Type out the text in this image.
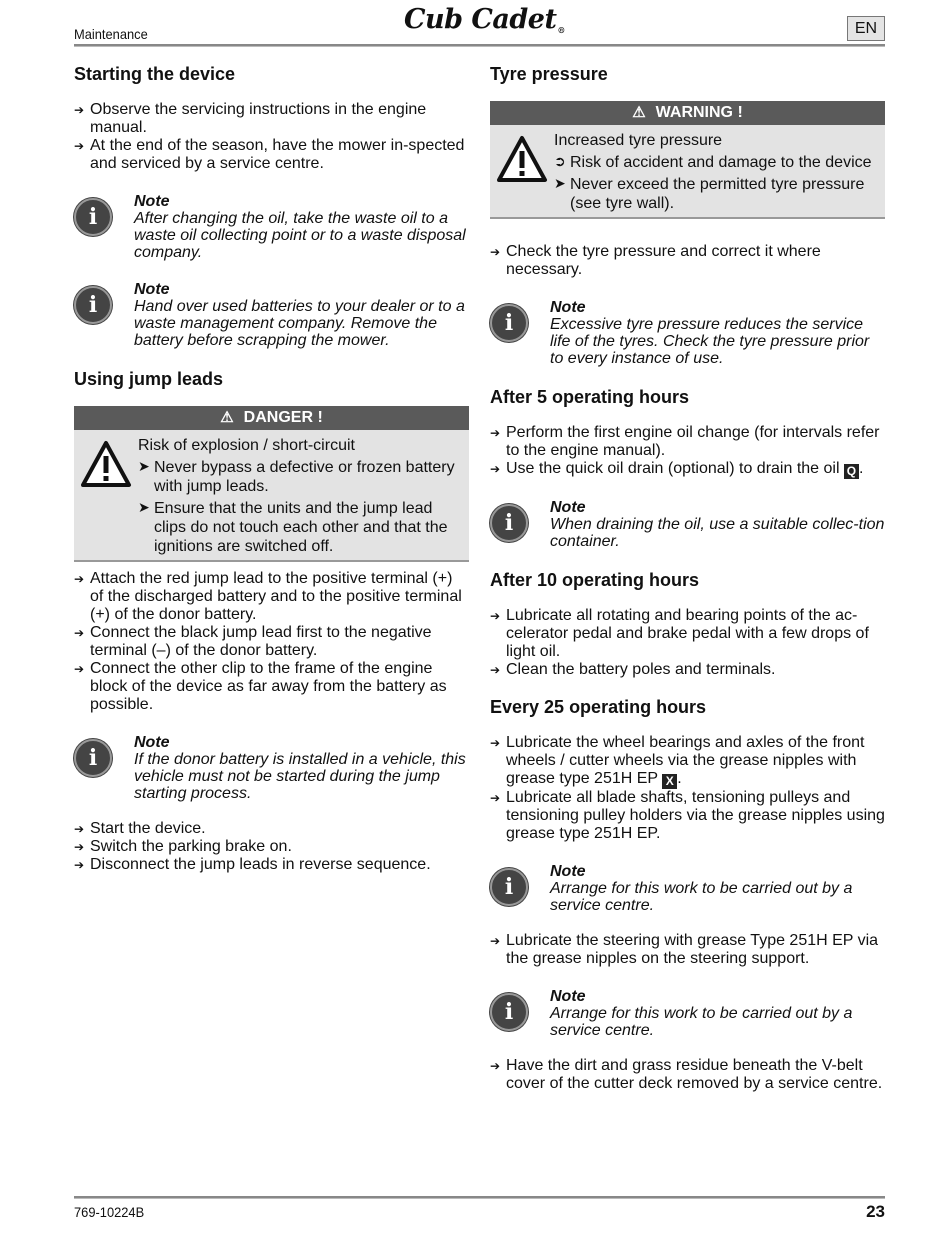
Maintenance	Cub Cadet®	EN
Starting the device
➔ Observe the servicing instructions in the engine manual.
➔ At the end of the season, have the mower in-spected and serviced by a service centre.
i
Note
After changing the oil, take the waste oil to a waste oil collecting point or to a waste disposal company.
i
Note
Hand over used batteries to your dealer or to a waste management company. Remove the battery before scrapping the mower.
Using jump leads
⚠ DANGER !
Risk of explosion / short-circuit
➤ Never bypass a defective or frozen battery with jump leads.
➤ Ensure that the units and the jump lead clips do not touch each other and that the ignitions are switched off.
➔ Attach the red jump lead to the positive terminal (+) of the discharged battery and to the positive terminal (+) of the donor battery.
➔ Connect the black jump lead first to the negative terminal (–) of the donor battery.
➔ Connect the other clip to the frame of the engine block of the device as far away from the battery as possible.
i
Note
If the donor battery is installed in a vehicle, this vehicle must not be started during the jump starting process.
➔ Start the device.
➔ Switch the parking brake on.
➔ Disconnect the jump leads in reverse sequence.
Tyre pressure
⚠ WARNING !
Increased tyre pressure
➲ Risk of accident and damage to the device
➤ Never exceed the permitted tyre pressure (see tyre wall).
➔ Check the tyre pressure and correct it where necessary.
i
Note
Excessive tyre pressure reduces the service life of the tyres. Check the tyre pressure prior to every instance of use.
After 5 operating hours
➔ Perform the first engine oil change (for intervals refer to the engine manual).
➔ Use the quick oil drain (optional) to drain the oil Q .
i
Note
When draining the oil, use a suitable collec-tion container.
After 10 operating hours
➔ Lubricate all rotating and bearing points of the ac-celerator pedal and brake pedal with a few drops of light oil.
➔ Clean the battery poles and terminals.
Every 25 operating hours
➔ Lubricate the wheel bearings and axles of the front wheels / cutter wheels via the grease nipples with grease type 251H EP X .
➔ Lubricate all blade shafts, tensioning pulleys and tensioning pulley holders via the grease nipples using grease type 251H EP.
i
Note
Arrange for this work to be carried out by a service centre.
➔ Lubricate the steering with grease Type 251H EP via the grease nipples on the steering support.
i
Note
Arrange for this work to be carried out by a service centre.
➔ Have the dirt and grass residue beneath the V-belt cover of the cutter deck removed by a service centre.
769-10224B	23
